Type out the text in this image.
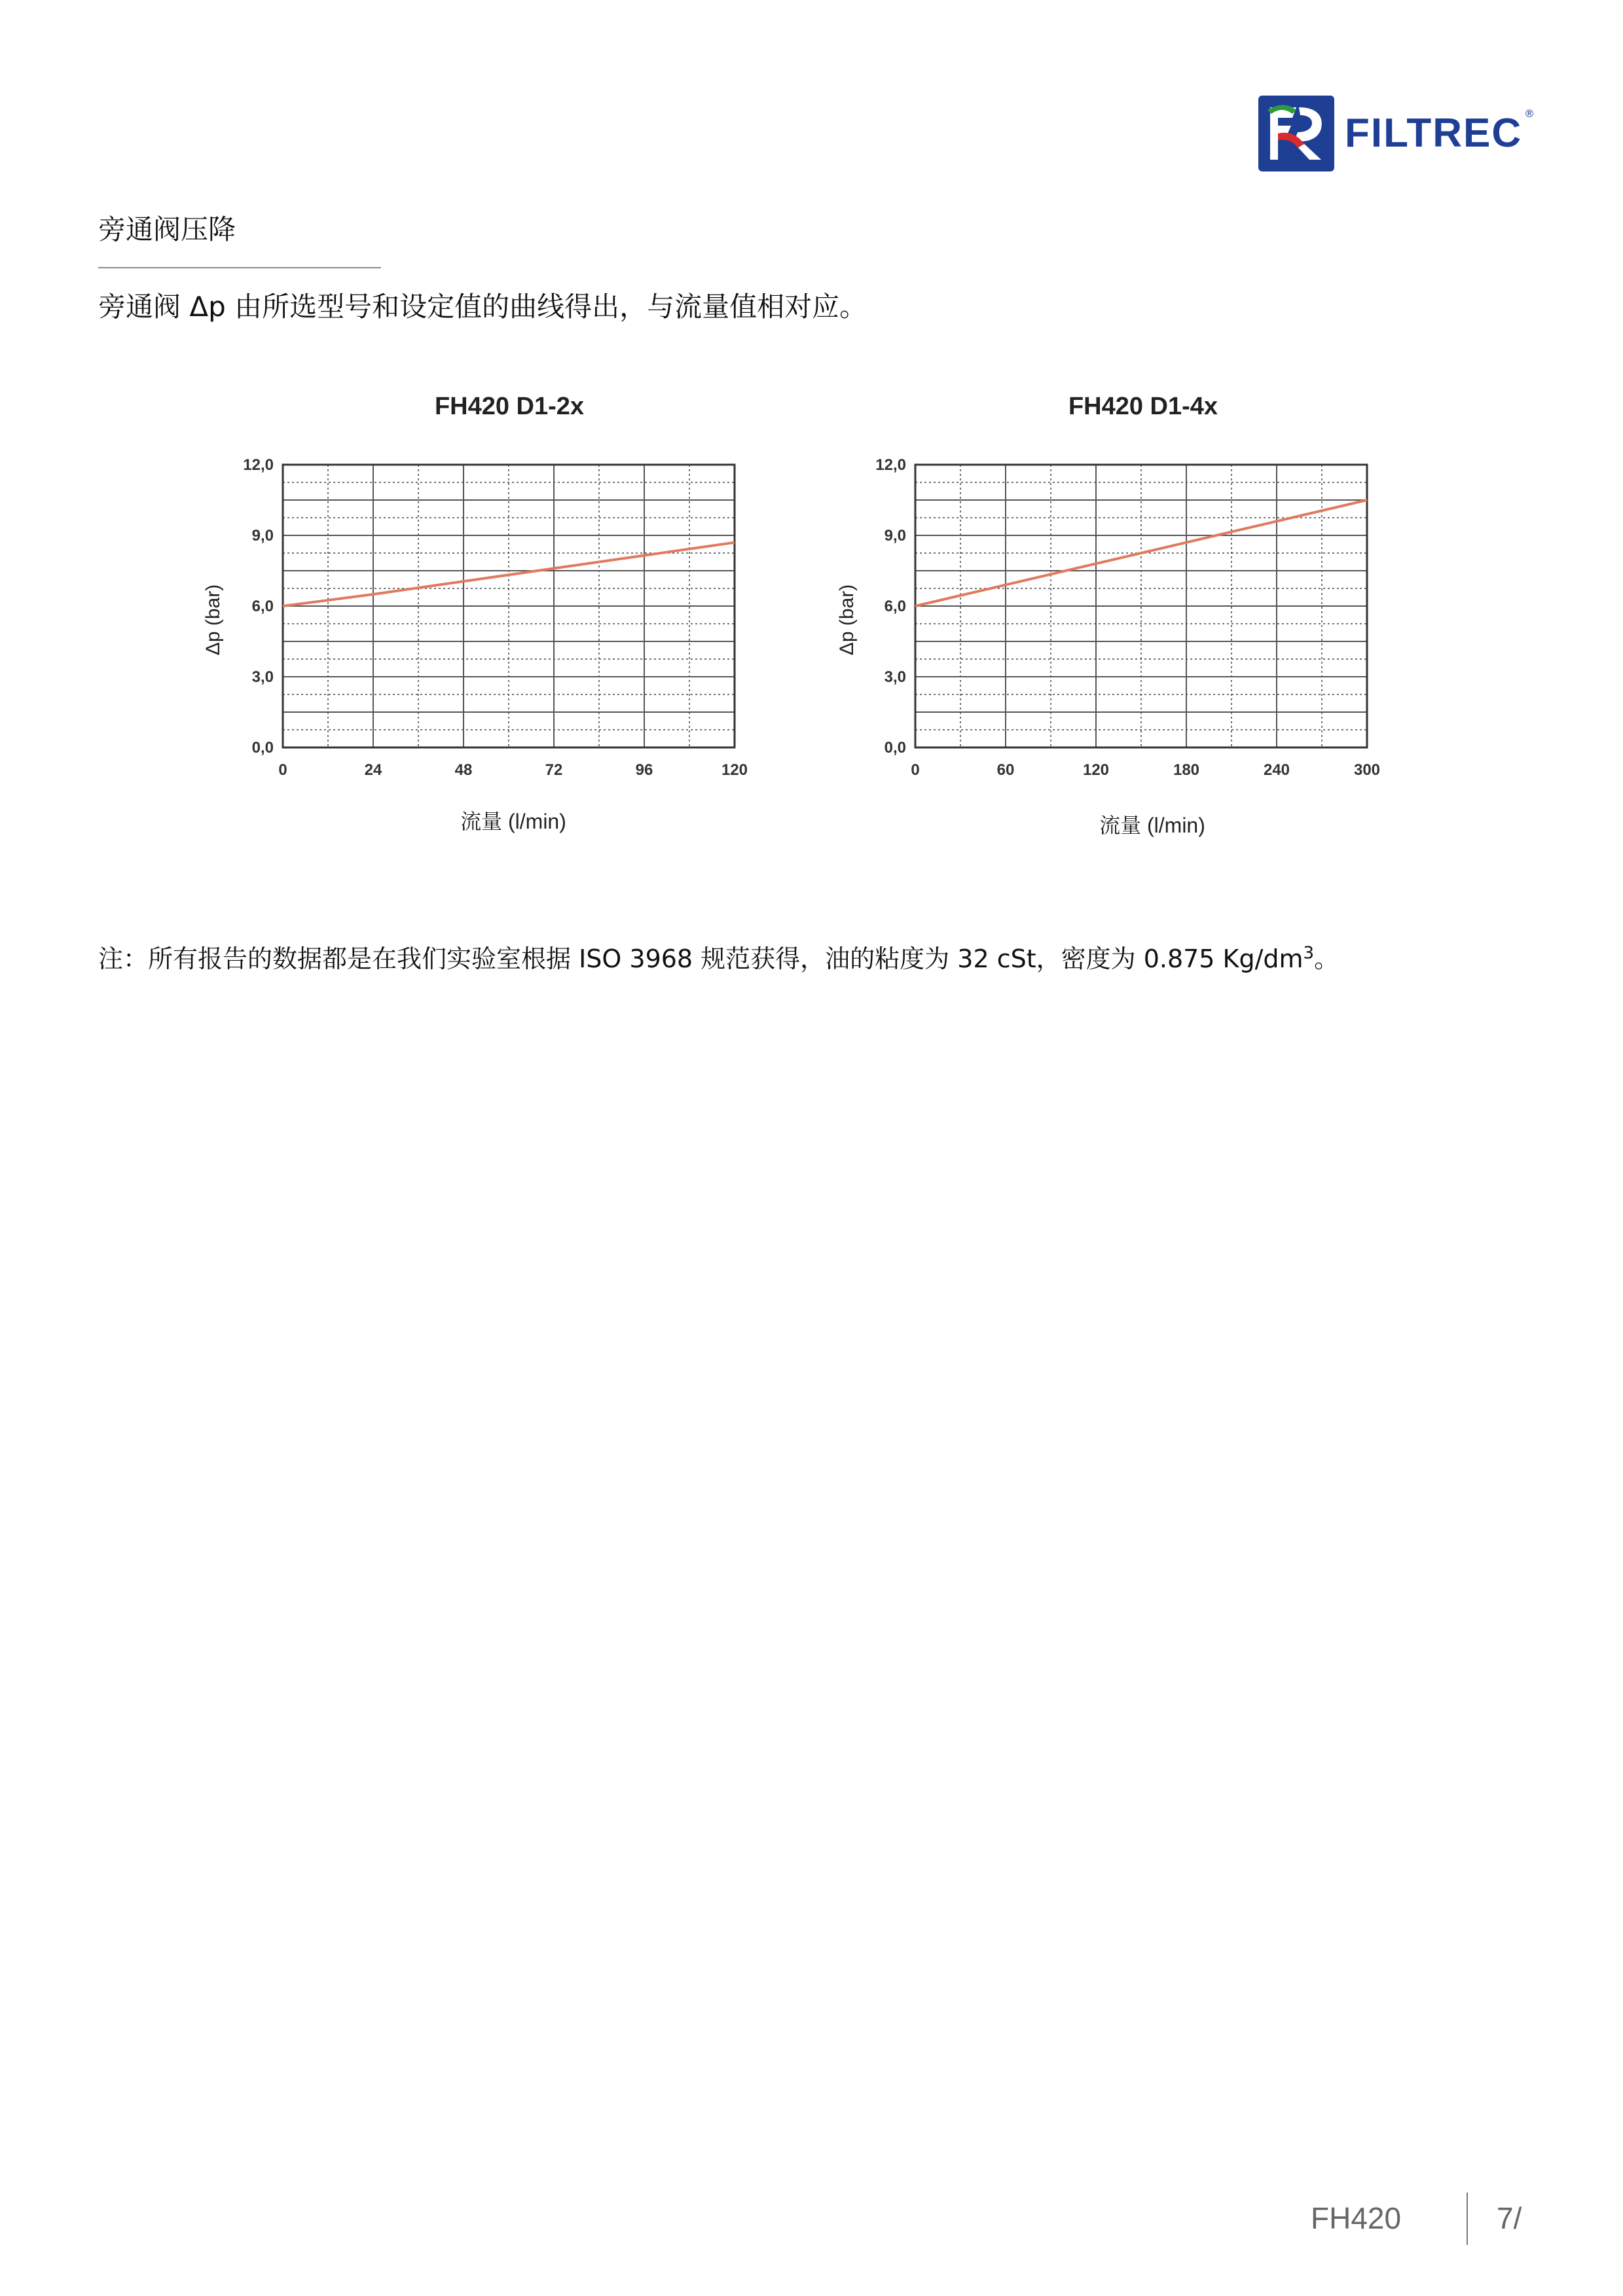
FILTREC ®
旁通阀压降
旁通阀 Δp 由所选型号和设定值的曲线得出，与流量值相对应。
FH420 D1-2x
Δp (bar)
0	24	48	72	96	120
0,0
3,0
6,0
9,0
12,0
流量 (l/min)
FH420 D1-4x
Δp (bar)
0	60	120	180	240	300
0,0
3,0
6,0
9,0
12,0
流量 (l/min)
注：所有报告的数据都是在我们实验室根据 ISO 3968 规范获得，油的粘度为 32 cSt，密度为 0.875 $Kg/dm^3$。
FH420	7/
